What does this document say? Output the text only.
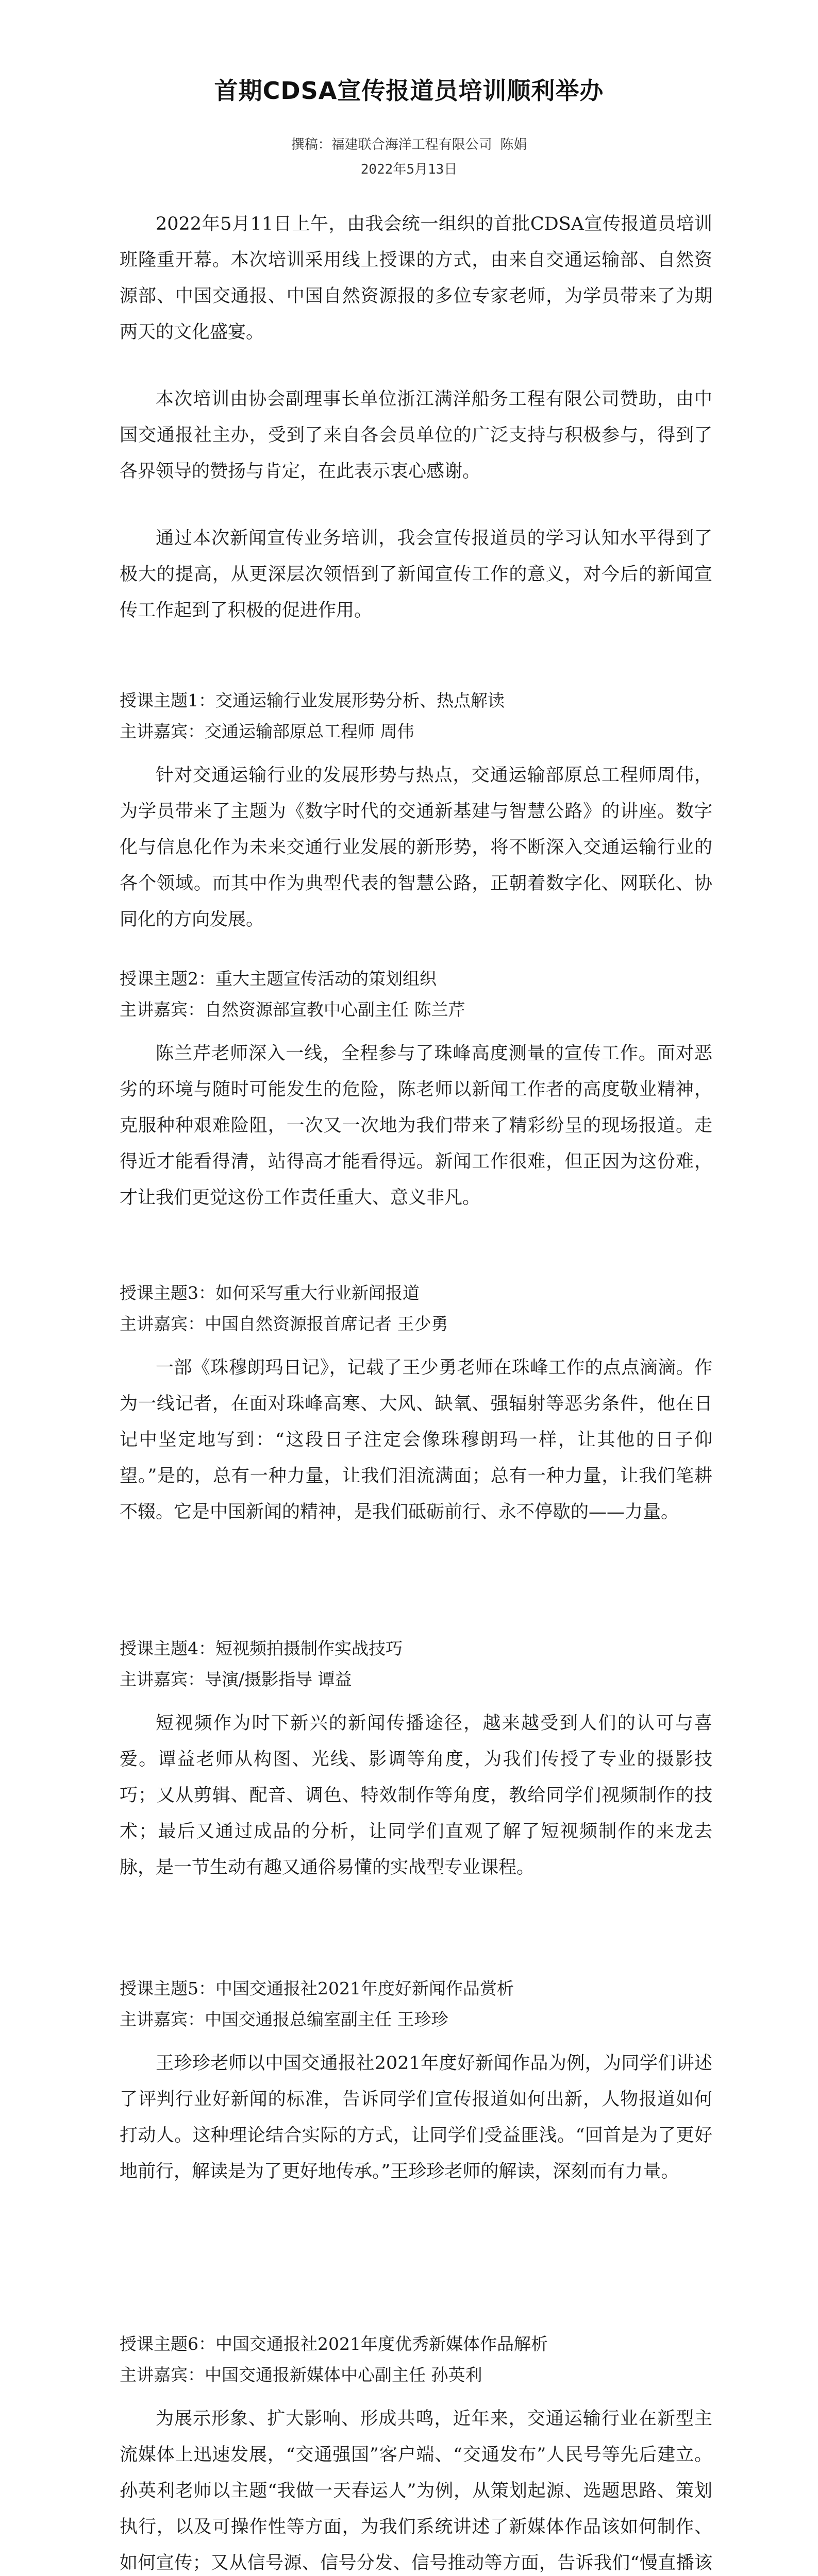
首期CDSA宣传报道员培训顺利举办
撰稿：福建联合海洋工程有限公司 陈娟
2022年5月13日

2022年5月11日上午，由我会统一组织的首批CDSA宣传报道员培训班隆重开幕。本次培训采用线上授课的方式，由来自交通运输部、自然资源部、中国交通报、中国自然资源报的多位专家老师，为学员带来了为期两天的文化盛宴。

本次培训由协会副理事长单位浙江满洋船务工程有限公司赞助，由中国交通报社主办，受到了来自各会员单位的广泛支持与积极参与，得到了各界领导的赞扬与肯定，在此表示衷心感谢。

通过本次新闻宣传业务培训，我会宣传报道员的学习认知水平得到了极大的提高，从更深层次领悟到了新闻宣传工作的意义，对今后的新闻宣传工作起到了积极的促进作用。

授课主题1：交通运输行业发展形势分析、热点解读

主讲嘉宾：交通运输部原总工程师 周伟

针对交通运输行业的发展形势与热点，交通运输部原总工程师周伟，为学员带来了主题为《数字时代的交通新基建与智慧公路》的讲座。数字化与信息化作为未来交通行业发展的新形势，将不断深入交通运输行业的各个领域。而其中作为典型代表的智慧公路，正朝着数字化、网联化、协同化的方向发展。

授课主题2：重大主题宣传活动的策划组织

主讲嘉宾：自然资源部宣教中心副主任 陈兰芹

陈兰芹老师深入一线，全程参与了珠峰高度测量的宣传工作。面对恶劣的环境与随时可能发生的危险，陈老师以新闻工作者的高度敬业精神，克服种种艰难险阻，一次又一次地为我们带来了精彩纷呈的现场报道。走得近才能看得清，站得高才能看得远。新闻工作很难，但正因为这份难，才让我们更觉这份工作责任重大、意义非凡。

授课主题3：如何采写重大行业新闻报道

主讲嘉宾：中国自然资源报首席记者 王少勇

一部《珠穆朗玛日记》，记载了王少勇老师在珠峰工作的点点滴滴。作为一线记者，在面对珠峰高寒、大风、缺氧、强辐射等恶劣条件，他在日记中坚定地写到：“这段日子注定会像珠穆朗玛一样，让其他的日子仰望。”是的，总有一种力量，让我们泪流满面；总有一种力量，让我们笔耕不辍。它是中国新闻的精神，是我们砥砺前行、永不停歇的——力量。

授课主题4：短视频拍摄制作实战技巧

主讲嘉宾：导演/摄影指导 谭益

短视频作为时下新兴的新闻传播途径，越来越受到人们的认可与喜爱。谭益老师从构图、光线、影调等角度，为我们传授了专业的摄影技巧；又从剪辑、配音、调色、特效制作等角度，教给同学们视频制作的技术；最后又通过成品的分析，让同学们直观了解了短视频制作的来龙去脉，是一节生动有趣又通俗易懂的实战型专业课程。

授课主题5：中国交通报社2021年度好新闻作品赏析

主讲嘉宾：中国交通报总编室副主任 王珍珍

王珍珍老师以中国交通报社2021年度好新闻作品为例，为同学们讲述了评判行业好新闻的标准，告诉同学们宣传报道如何出新，人物报道如何打动人。这种理论结合实际的方式，让同学们受益匪浅。“回首是为了更好地前行，解读是为了更好地传承。”王珍珍老师的解读，深刻而有力量。

授课主题6：中国交通报社2021年度优秀新媒体作品解析

主讲嘉宾：中国交通报新媒体中心副主任 孙英利

为展示形象、扩大影响、形成共鸣，近年来，交通运输行业在新型主流媒体上迅速发展，“交通强国”客户端、“交通发布”人民号等先后建立。孙英利老师以主题“我做一天春运人”为例，从策划起源、选题思路、策划执行，以及可操作性等方面，为我们系统讲述了新媒体作品该如何制作、如何宣传；又从信号源、信号分发、信号推动等方面，告诉我们“慢直播该
